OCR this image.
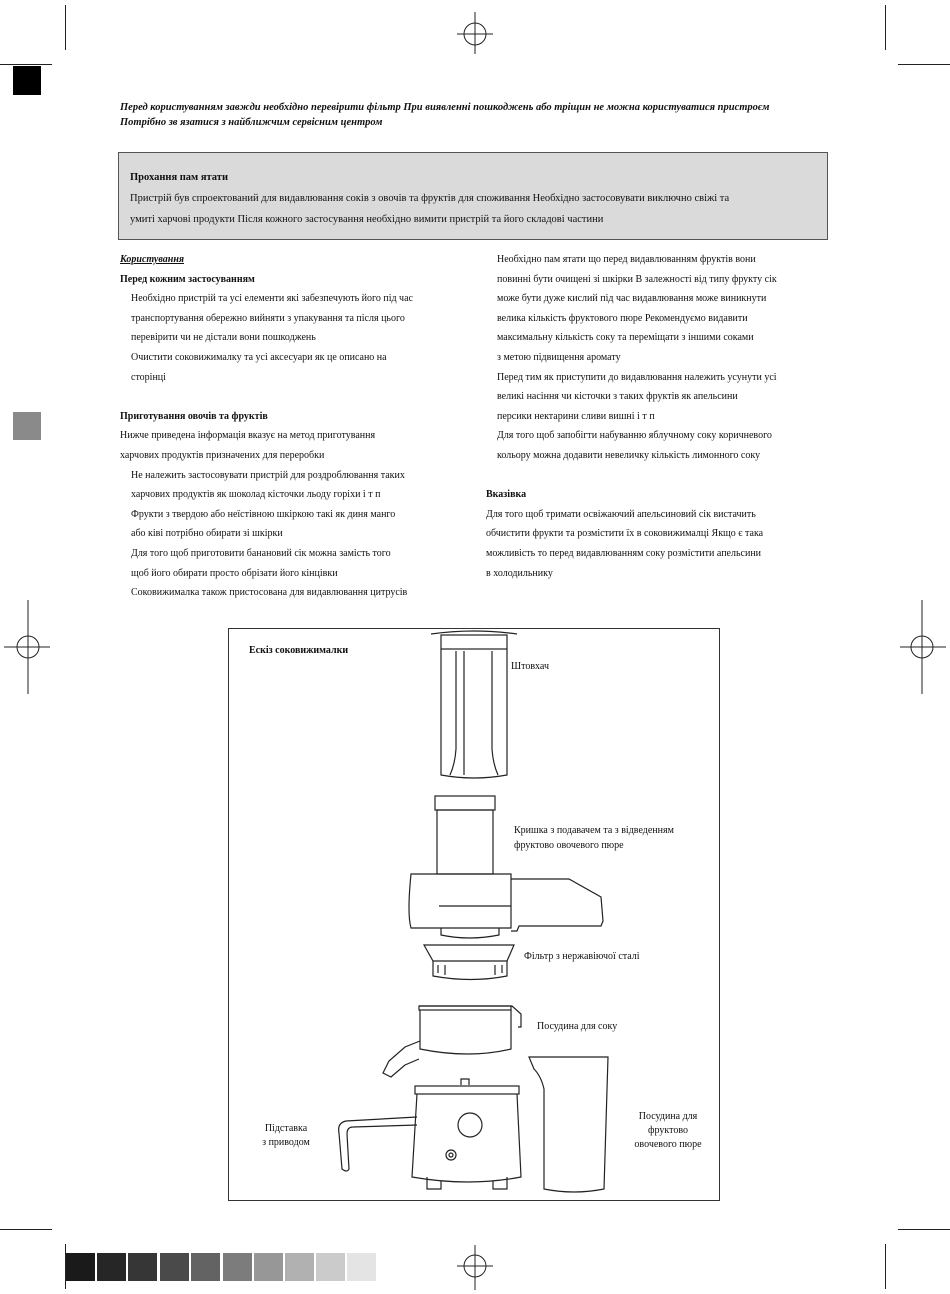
Перед користуванням завжди необхідно перевірити фільтр При виявленні пошкоджень або тріщин не можна користуватися пристроєм
Потрібно зв язатися з найближчим сервісним центром
Прохання пам ятати
Пристрій був спроектований для видавлювання соків з овочів та фруктів для споживання Необхідно застосовувати виключно свіжі та
умиті харчові продукти Після кожного застосування необхідно вимити пристрій та його складові частини

Користування

Перед кожним застосуванням

Необхідно пристрій та усі елементи які забезпечують його під час

транспортування обережно вийняти з упакування та після цього

перевірити чи не дістали вони пошкоджень

Очистити соковижималку та усі аксесуари як це описано на

сторінці

Приготування овочів та фруктів

Нижче приведена інформація вказує на метод приготування

харчових продуктів призначених для переробки

Не належить застосовувати пристрій для роздроблювання таких

харчових продуктів як шоколад кісточки льоду горіхи і т п

Фрукти з твердою або неїстівною шкіркою такі як диня манго

або ківі потрібно обирати зі шкірки

Для того щоб приготовити банановий сік можна замість того

щоб його обирати просто обрізати його кінцівки

Соковижималка також пристосована для видавлювання цитрусів

Необхідно пам ятати що перед видавлюванням фруктів вони

повинні бути очищені зі шкірки В залежності від типу фрукту сік

може бути дуже кислий під час видавлювання може виникнути

велика кількість фруктового пюре Рекомендуємо видавити

максимальну кількість соку та переміщати з іншими соками

з метою підвищення аромату

Перед тим як приступити до видавлювання належить усунути усі

великі насіння чи кісточки з таких фруктів як апельсини

персики нектарини сливи вишні і т п

Для того щоб запобігти набуванню яблучному соку коричневого

кольору можна додавити невеличку кількість лимонного соку

Вказівка

Для того щоб тримати освіжаючий апельсиновий сік вистачить

обчистити фрукти та розмістити їх в соковижималці Якщо є така

можливість то перед видавлюванням соку розмістити апельсини

в холодильнику

Ескіз соковижималки
Штовхач
Кришка з подавачем та з відведенням
фруктово овочевого пюре
Фільтр з нержавіючої сталі
Посудина для соку
Підставка
з приводом
Посудина для
фруктово
овочевого пюре
